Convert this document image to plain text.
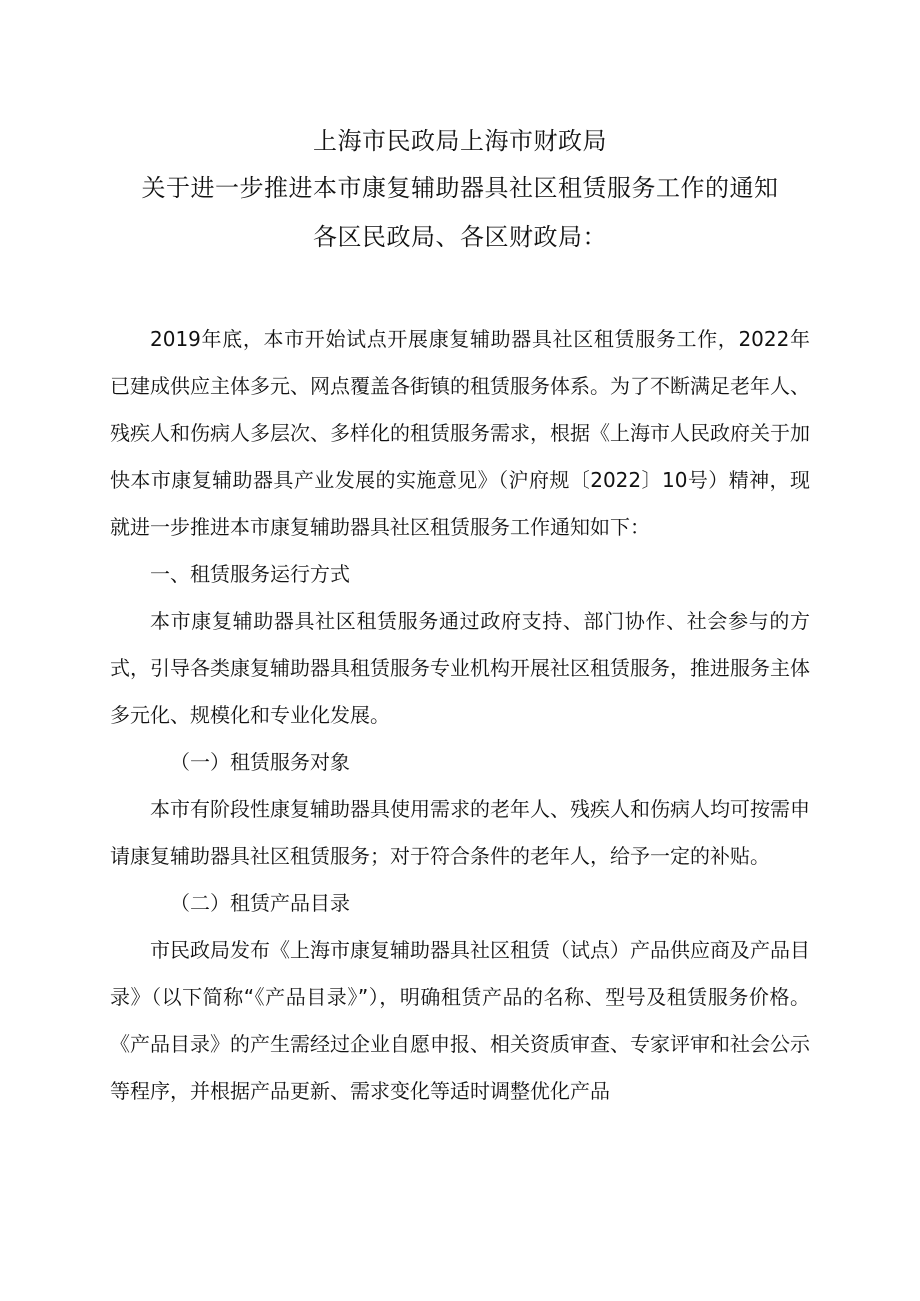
上海市民政局上海市财政局
关于进一步推进本市康复辅助器具社区租赁服务工作的通知
各区民政局、各区财政局：

2019年底，本市开始试点开展康复辅助器具社区租赁服务工作，2022年已建成供应主体多元、网点覆盖各街镇的租赁服务体系。为了不断满足老年人、残疾人和伤病人多层次、多样化的租赁服务需求，根据《上海市人民政府关于加快本市康复辅助器具产业发展的实施意见》（沪府规〔2022〕10号）精神，现就进一步推进本市康复辅助器具社区租赁服务工作通知如下：

一、租赁服务运行方式

本市康复辅助器具社区租赁服务通过政府支持、部门协作、社会参与的方式，引导各类康复辅助器具租赁服务专业机构开展社区租赁服务，推进服务主体多元化、规模化和专业化发展。

（一）租赁服务对象

本市有阶段性康复辅助器具使用需求的老年人、残疾人和伤病人均可按需申请康复辅助器具社区租赁服务；对于符合条件的老年人，给予一定的补贴。

（二）租赁产品目录

市民政局发布《上海市康复辅助器具社区租赁（试点）产品供应商及产品目录》（以下简称“《产品目录》”），明确租赁产品的名称、型号及租赁服务价格。《产品目录》的产生需经过企业自愿申报、相关资质审查、专家评审和社会公示等程序，并根据产品更新、需求变化等适时调整优化产品
